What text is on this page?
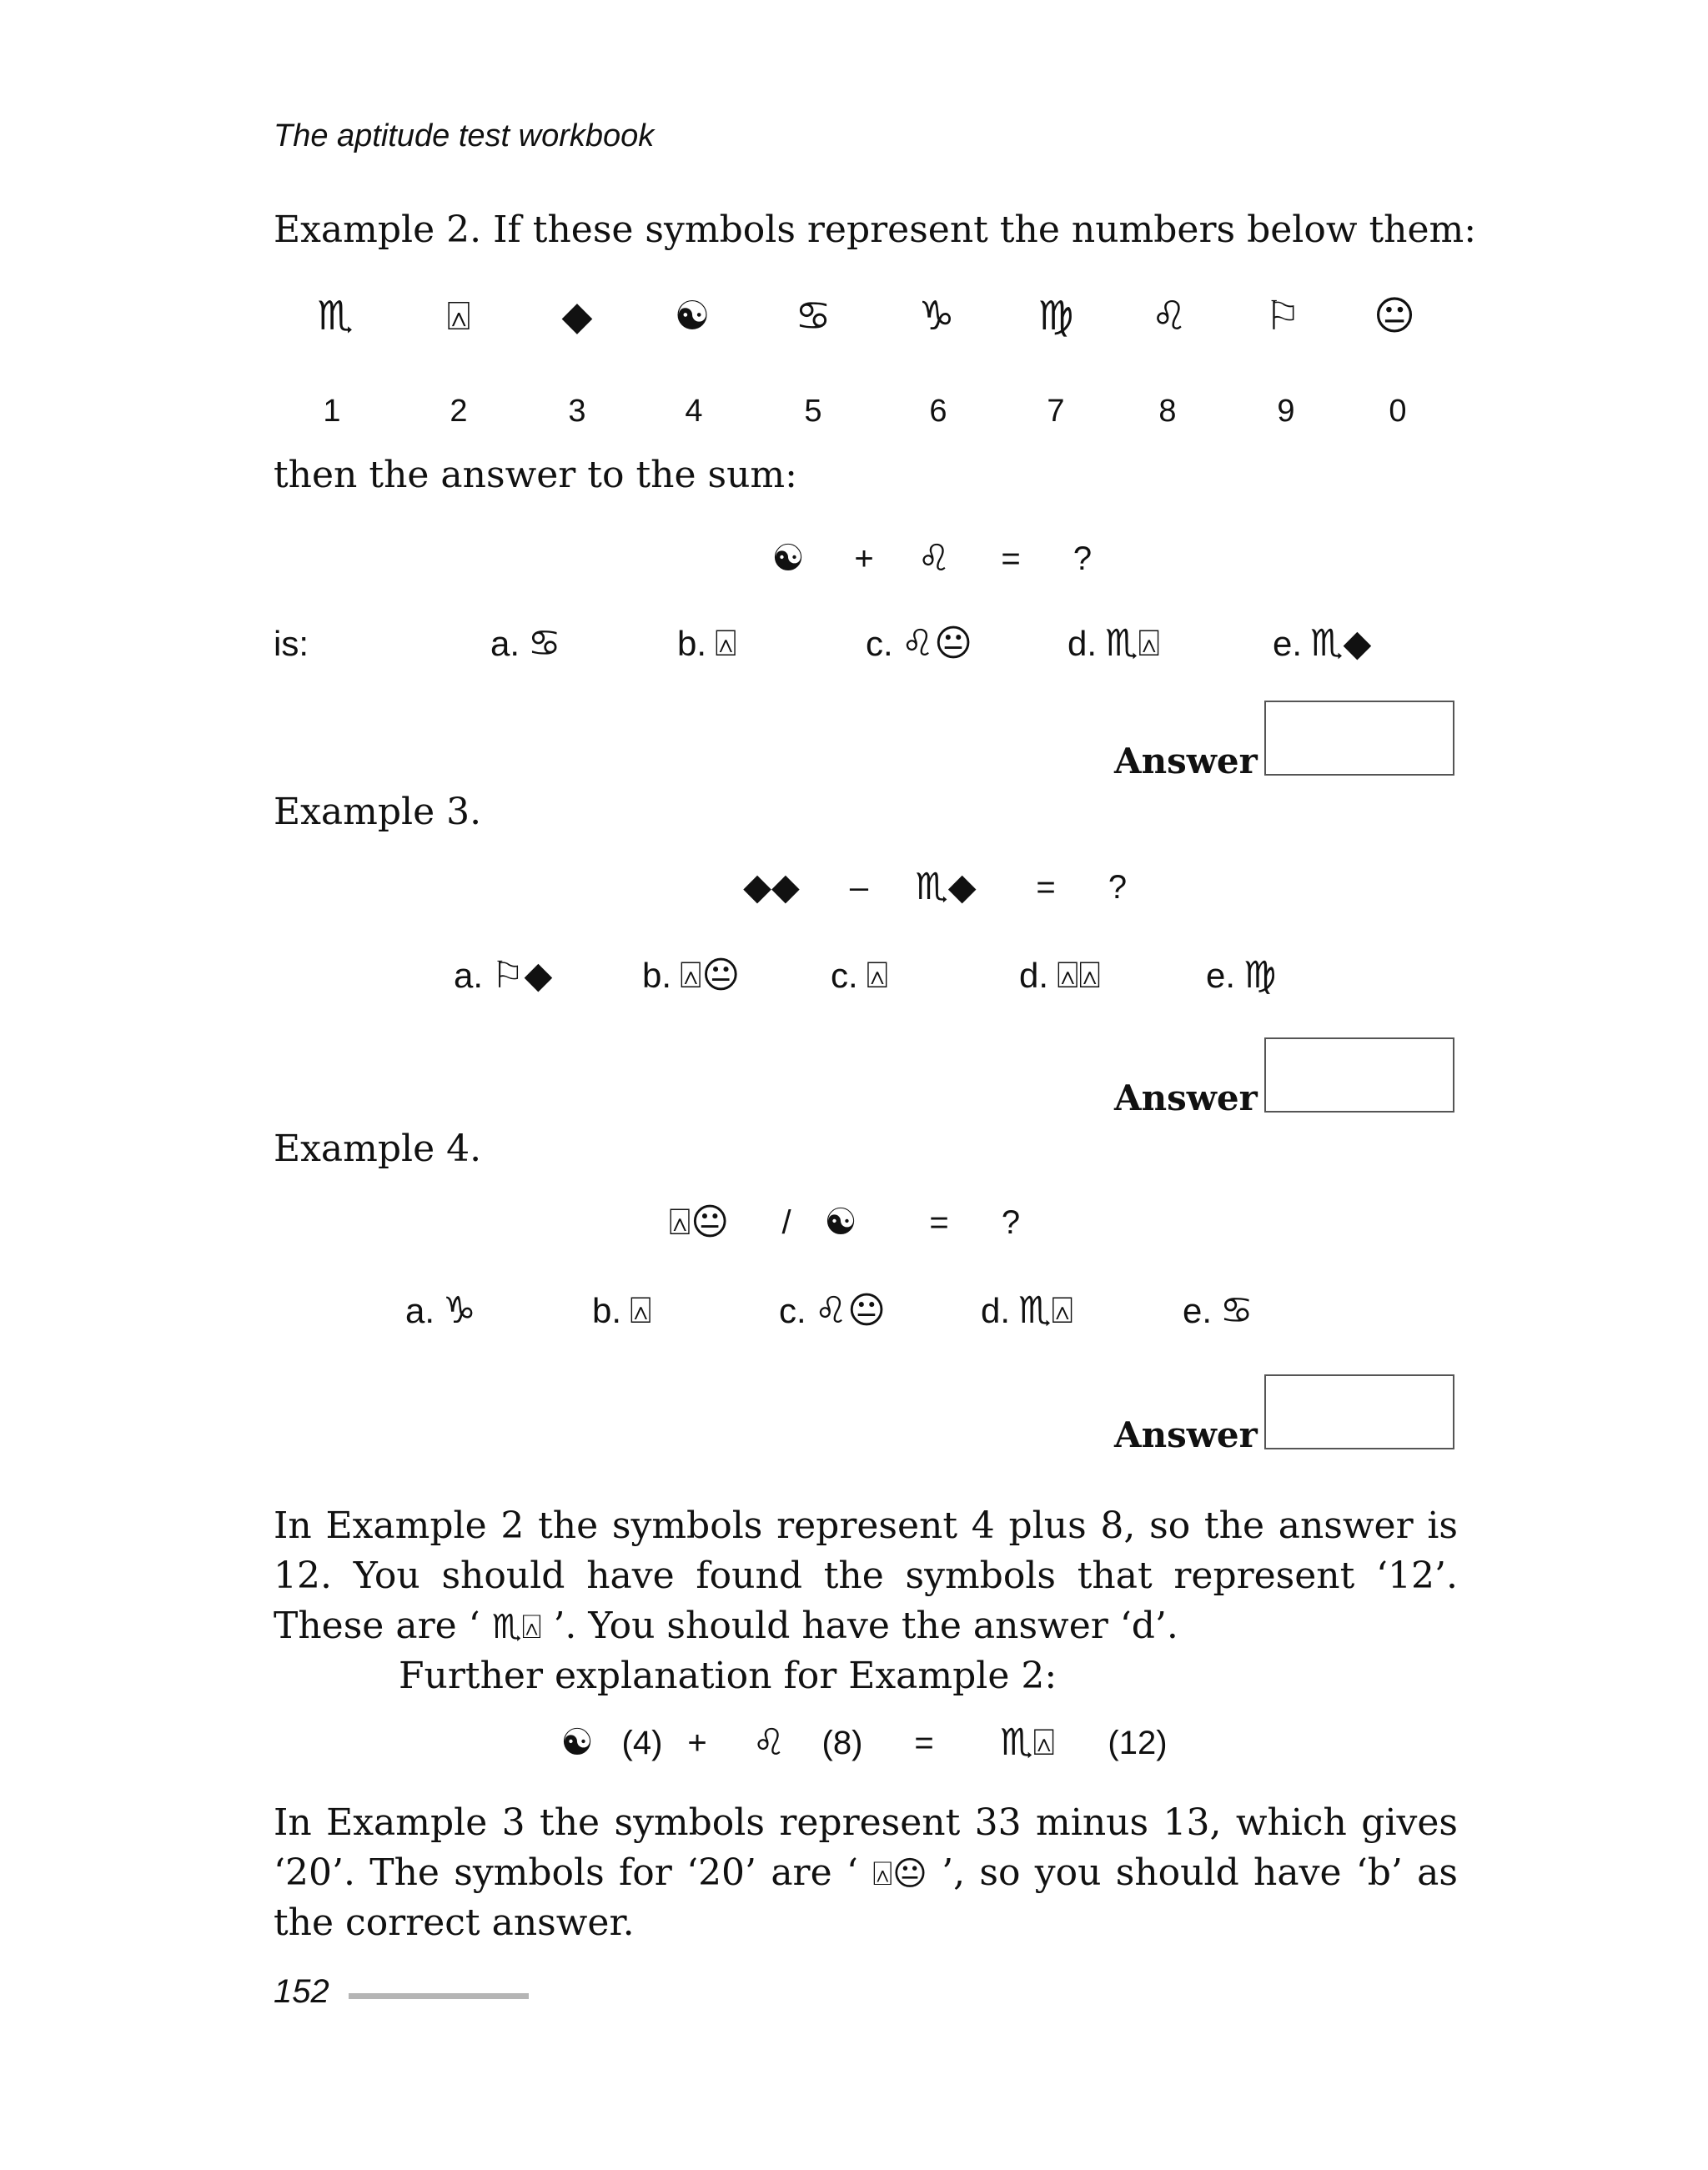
The aptitude test workbook
Example 2. If these symbols represent the numbers below them:
♏ ⍓ ◆ ☯ ♋ ♑ ♍ ♌ ⚐ 😐
1	2	3	4	5	6	7	8	9	0
then the answer to the sum:
☯ + ♌ = ?
is:	a. ♋	b. ⍓	c. ♌😐	d. ♏⍓	e. ♏◆
Answer
Example 3.
◆◆ – ♏◆ = ?
a. ⚐◆	b. ⍓😐	c. ⍓	d. ⍓⍓	e. ♍
Answer
Example 4.
⍓😐 / ☯ = ?
a. ♑	b. ⍓	c. ♌😐	d. ♏⍓	e. ♋
Answer
In Example 2 the symbols represent 4 plus 8, so the answer is 12. You should have found the symbols that represent ‘12’. These are ‘ ♏⍓ ’. You should have the answer ‘d’.
Further explanation for Example 2:
☯ (4) + ♌ (8) = ♏⍓ (12)
In Example 3 the symbols represent 33 minus 13, which gives ‘20’. The symbols for ‘20’ are ‘ ⍓😐 ’, so you should have ‘b’ as the correct answer.
152
